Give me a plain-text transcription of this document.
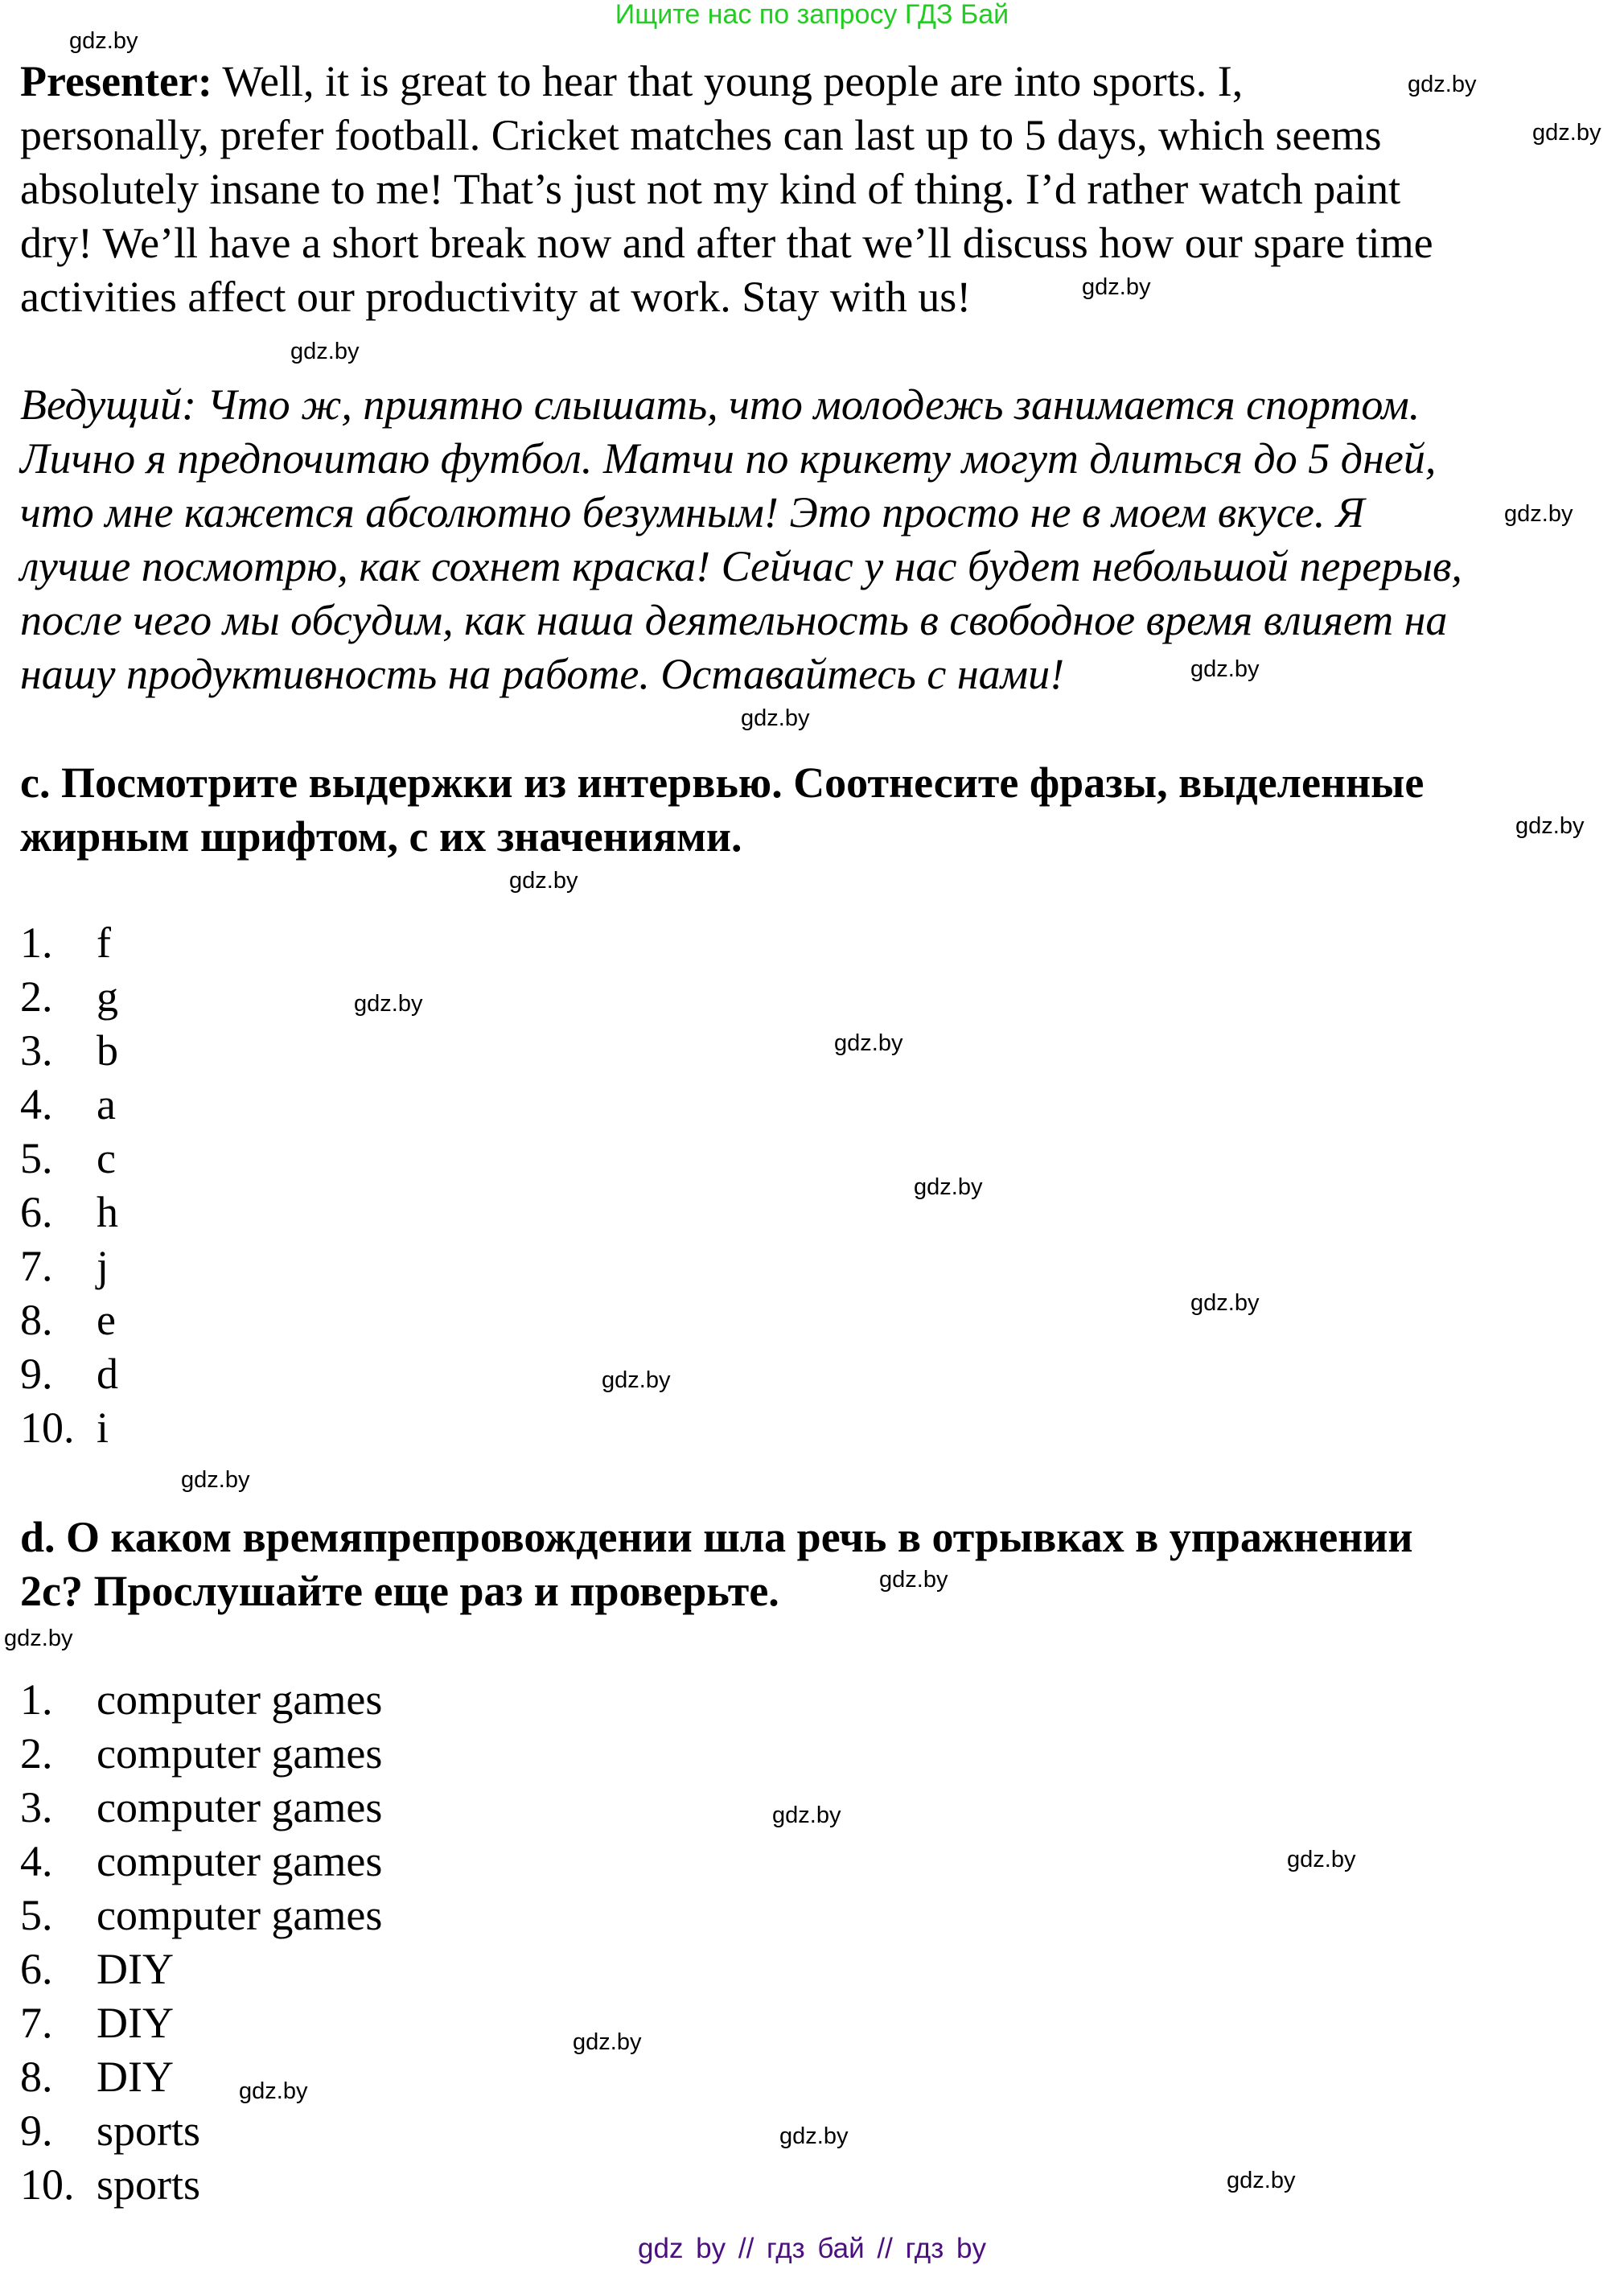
Ищите нас по запросу ГДЗ Бай
Presenter: Well, it is great to hear that young people are into sports. I,
personally, prefer football. Cricket matches can last up to 5 days, which seems
absolutely insane to me! That’s just not my kind of thing. I’d rather watch paint
dry! We’ll have a short break now and after that we’ll discuss how our spare time
activities affect our productivity at work. Stay with us!
Ведущий: Что ж, приятно слышать, что молодежь занимается спортом.
Лично я предпочитаю футбол. Матчи по крикету могут длиться до 5 дней,
что мне кажется абсолютно безумным! Это просто не в моем вкусе. Я
лучше посмотрю, как сохнет краска! Сейчас у нас будет небольшой перерыв,
после чего мы обсудим, как наша деятельность в свободное время влияет на
нашу продуктивность на работе. Оставайтесь с нами!
c. Посмотрите выдержки из интервью. Соотнесите фразы, выделенные
жирным шрифтом, с их значениями.
1. f
2. g
3. b
4. a
5. c
6. h
7. j
8. e
9. d
10. i
d. О каком времяпрепровождении шла речь в отрывках в упражнении
2c? Прослушайте еще раз и проверьте.
1. computer games
2. computer games
3. computer games
4. computer games
5. computer games
6. DIY
7. DIY
8. DIY
9. sports
10. sports
gdz.by
gdz.by
gdz.by
gdz.by
gdz.by
gdz.by
gdz.by
gdz.by
gdz.by
gdz.by
gdz.by
gdz.by
gdz.by
gdz.by
gdz.by
gdz.by
gdz.by
gdz.by
gdz.by
gdz.by
gdz.by
gdz.by
gdz.by
gdz.by
gdz by // гдз бай // гдз by
